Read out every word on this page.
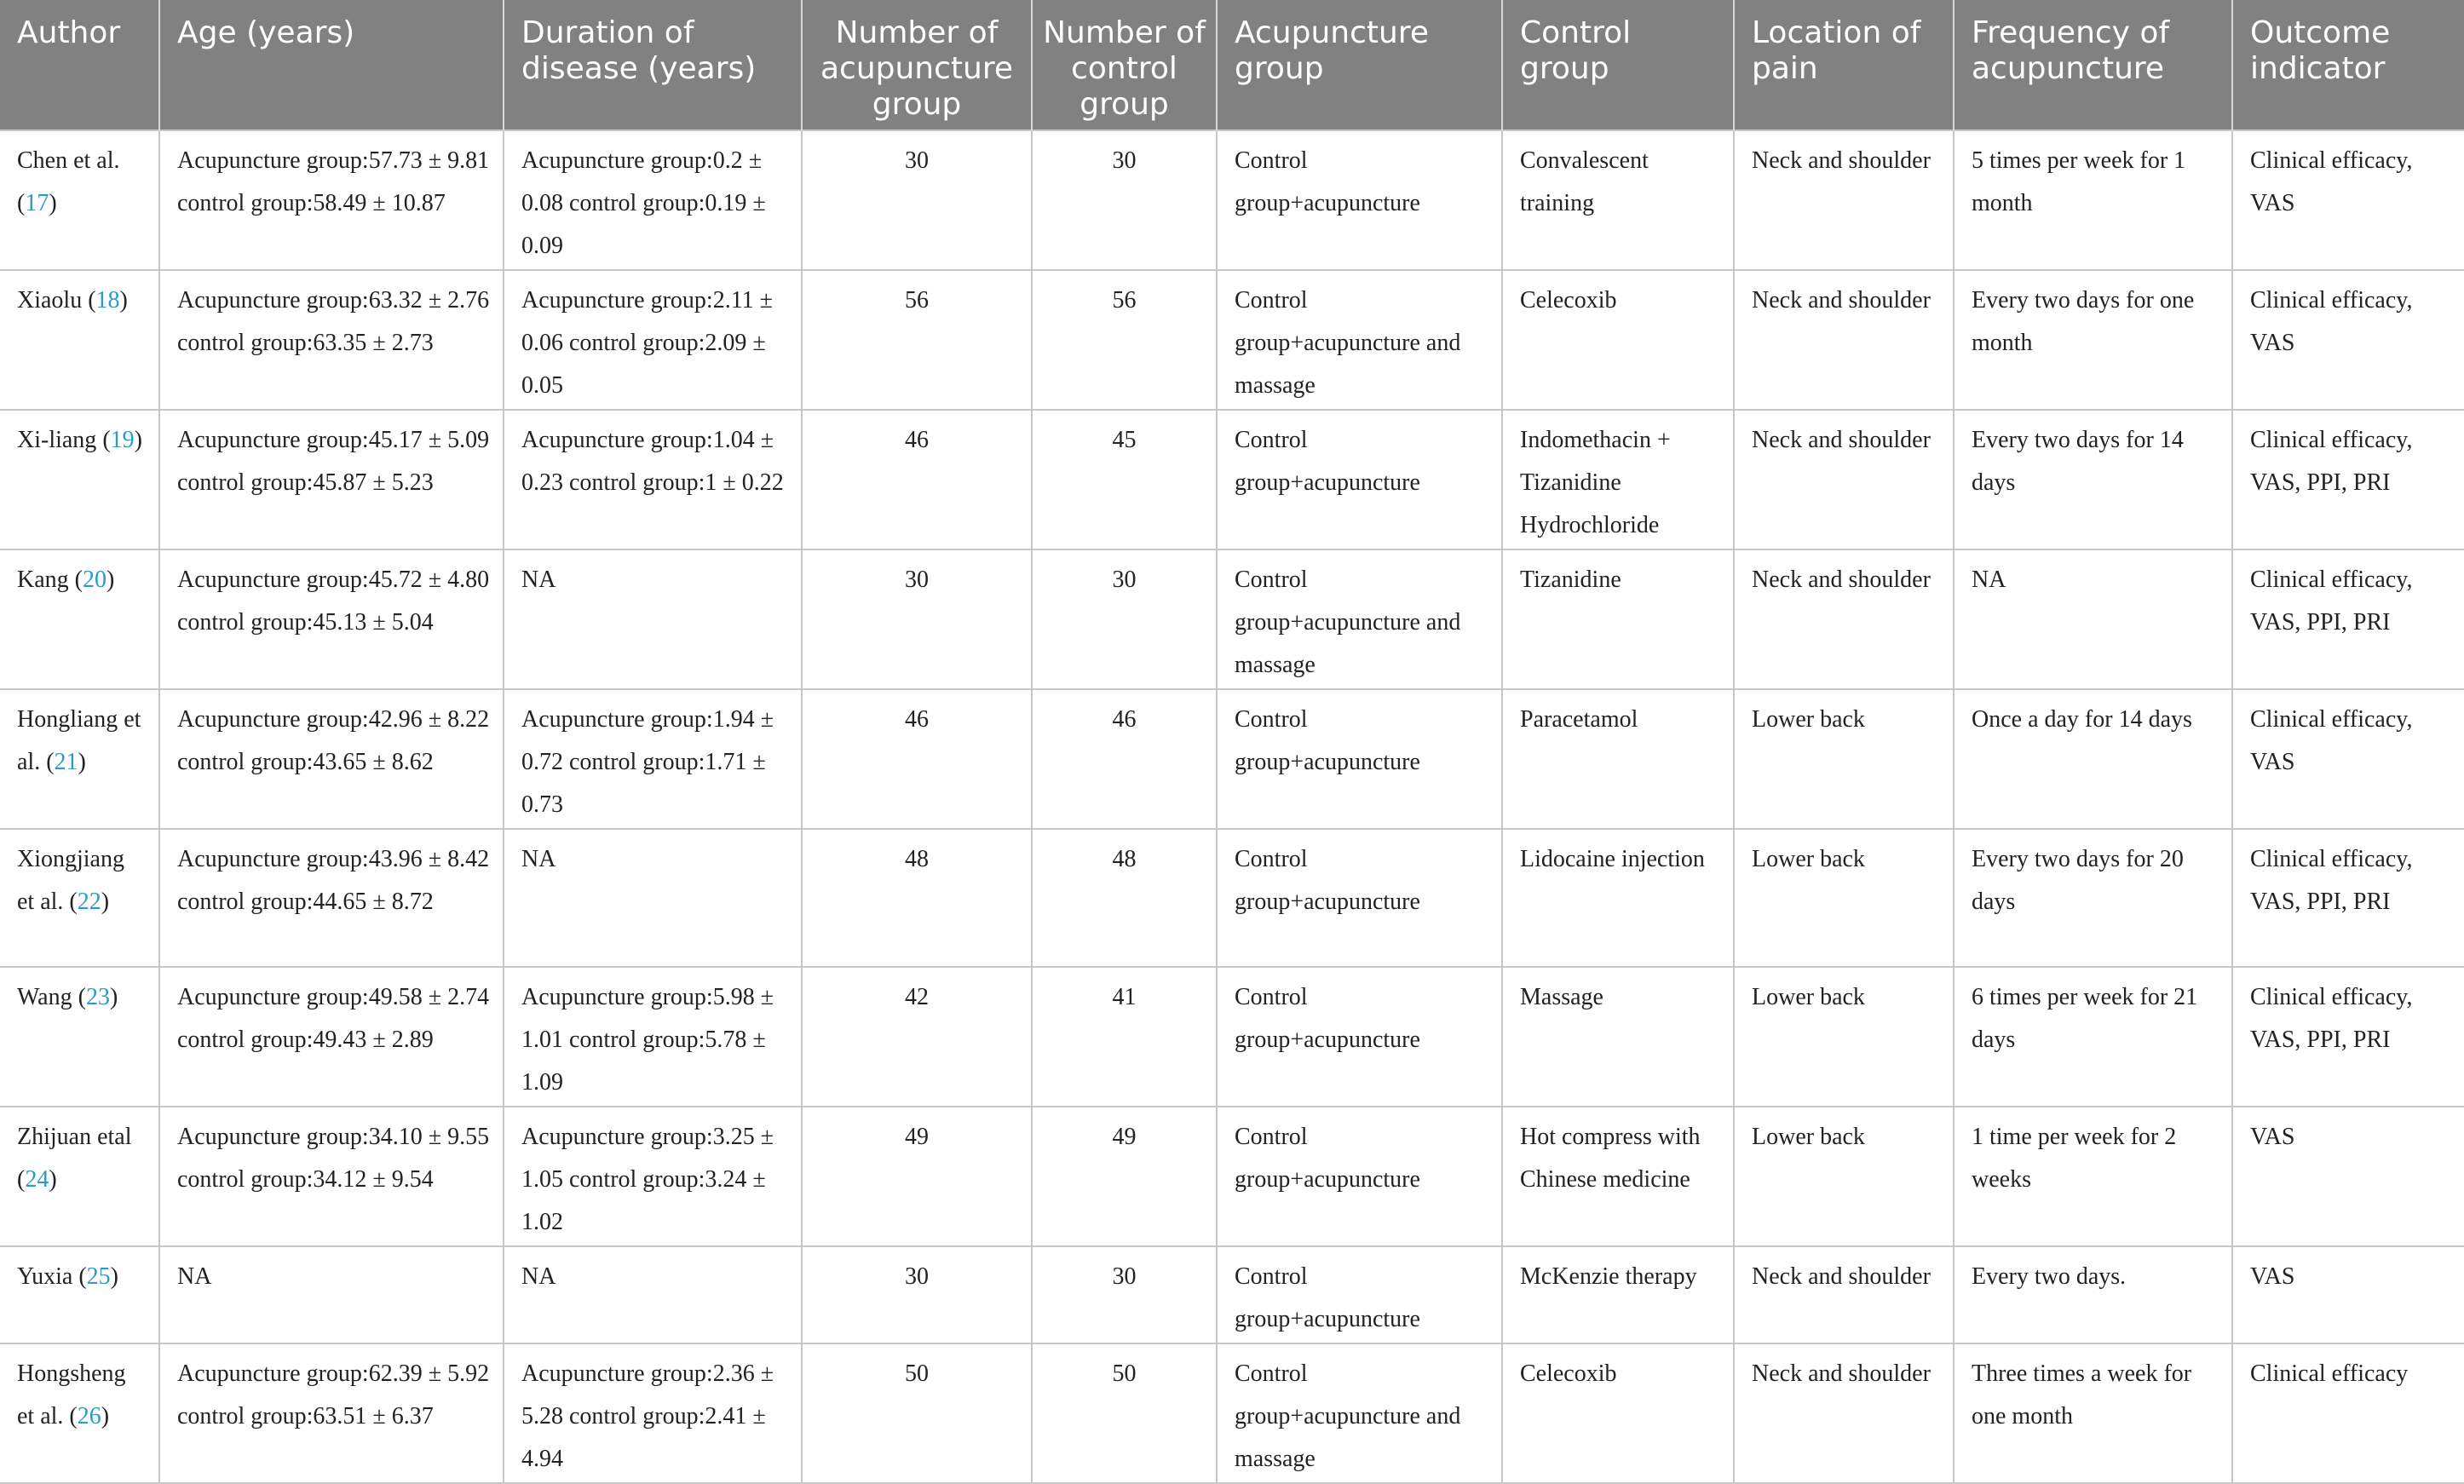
Author	Age (years)	Duration of disease (years)	Number of acupuncture group	Number of control group	Acupuncture group	Control group	Location of pain	Frequency of acupuncture	Outcome indicator
Chen et al. (17)	Acupuncture group:57.73 ± 9.81 control group:58.49 ± 10.87	Acupuncture group:0.2 ± 0.08 control group:0.19 ± 0.09	30	30	Control group+acupuncture	Convalescent training	Neck and shoulder	5 times per week for 1 month	Clinical efficacy, VAS
Xiaolu (18)	Acupuncture group:63.32 ± 2.76 control group:63.35 ± 2.73	Acupuncture group:2.11 ± 0.06 control group:2.09 ± 0.05	56	56	Control group+acupuncture and massage	Celecoxib	Neck and shoulder	Every two days for one month	Clinical efficacy, VAS
Xi-liang (19)	Acupuncture group:45.17 ± 5.09 control group:45.87 ± 5.23	Acupuncture group:1.04 ± 0.23 control group:1 ± 0.22	46	45	Control group+acupuncture	Indomethacin + Tizanidine Hydrochloride	Neck and shoulder	Every two days for 14 days	Clinical efficacy, VAS, PPI, PRI
Kang (20)	Acupuncture group:45.72 ± 4.80 control group:45.13 ± 5.04	NA	30	30	Control group+acupuncture and massage	Tizanidine	Neck and shoulder	NA	Clinical efficacy, VAS, PPI, PRI
Hongliang et al. (21)	Acupuncture group:42.96 ± 8.22 control group:43.65 ± 8.62	Acupuncture group:1.94 ± 0.72 control group:1.71 ± 0.73	46	46	Control group+acupuncture	Paracetamol	Lower back	Once a day for 14 days	Clinical efficacy, VAS
Xiongjiang et al. (22)	Acupuncture group:43.96 ± 8.42 control group:44.65 ± 8.72	NA	48	48	Control group+acupuncture	Lidocaine injection	Lower back	Every two days for 20 days	Clinical efficacy, VAS, PPI, PRI
Wang (23)	Acupuncture group:49.58 ± 2.74 control group:49.43 ± 2.89	Acupuncture group:5.98 ± 1.01 control group:5.78 ± 1.09	42	41	Control group+acupuncture	Massage	Lower back	6 times per week for 21 days	Clinical efficacy, VAS, PPI, PRI
Zhijuan etal (24)	Acupuncture group:34.10 ± 9.55 control group:34.12 ± 9.54	Acupuncture group:3.25 ± 1.05 control group:3.24 ± 1.02	49	49	Control group+acupuncture	Hot compress with Chinese medicine	Lower back	1 time per week for 2 weeks	VAS
Yuxia (25)	NA	NA	30	30	Control group+acupuncture	McKenzie therapy	Neck and shoulder	Every two days.	VAS
Hongsheng et al. (26)	Acupuncture group:62.39 ± 5.92 control group:63.51 ± 6.37	Acupuncture group:2.36 ± 5.28 control group:2.41 ± 4.94	50	50	Control group+acupuncture and massage	Celecoxib	Neck and shoulder	Three times a week for one month	Clinical efficacy
